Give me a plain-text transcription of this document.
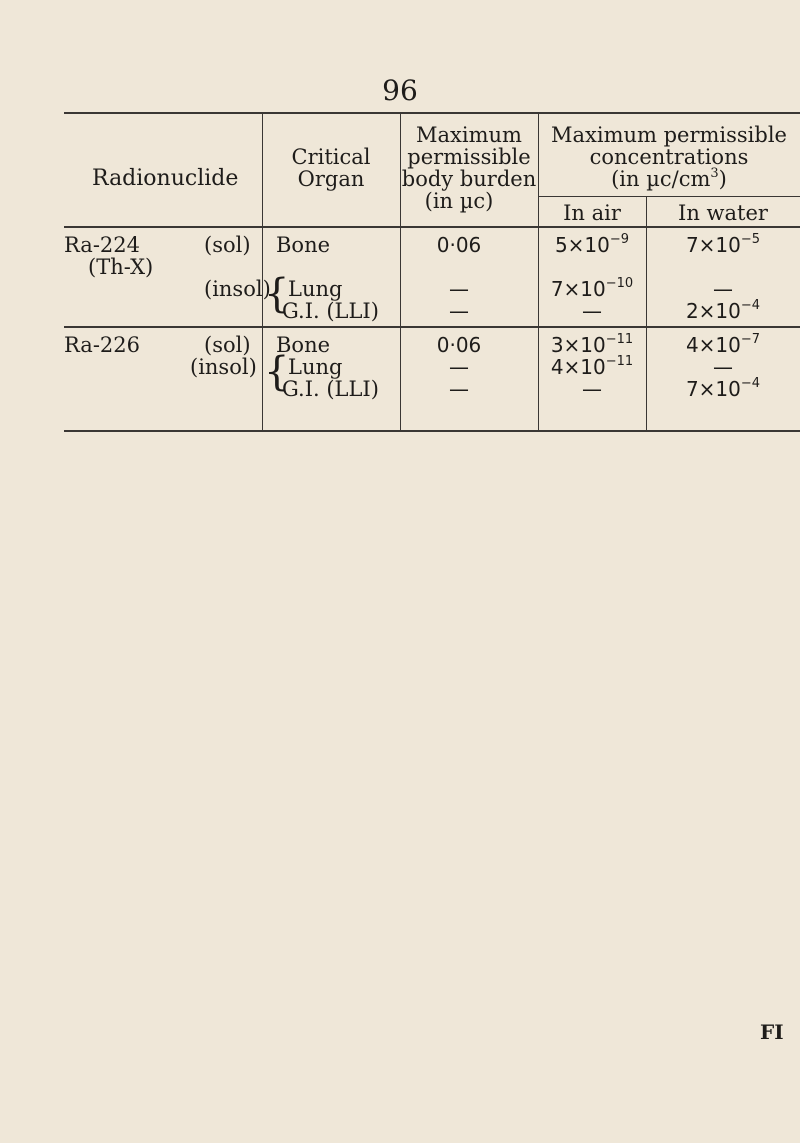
96
Radionuclide
Critical
Organ
Maximum
permissible
body burden
(in µc)
Maximum permissible
concentrations
(in $\mu c/cm^3$)
In air	In water
Ra-224
(Th-X)
(sol)
(insol)
Bone
{
Lung
G.I. (LLI)
0·06
—
—
$5\times 10^{-9}$
$7\times 10^{-10}$
—
$7\times 10^{-5}$
—
$2\times 10^{-4}$
Ra-226	(sol)
(insol)
Bone
{
Lung
G.I. (LLI)
0·06
—
—
$3\times 10^{-11}$
$4\times 10^{-11}$
—
$4\times 10^{-7}$
—
$7\times 10^{-4}$
FI
